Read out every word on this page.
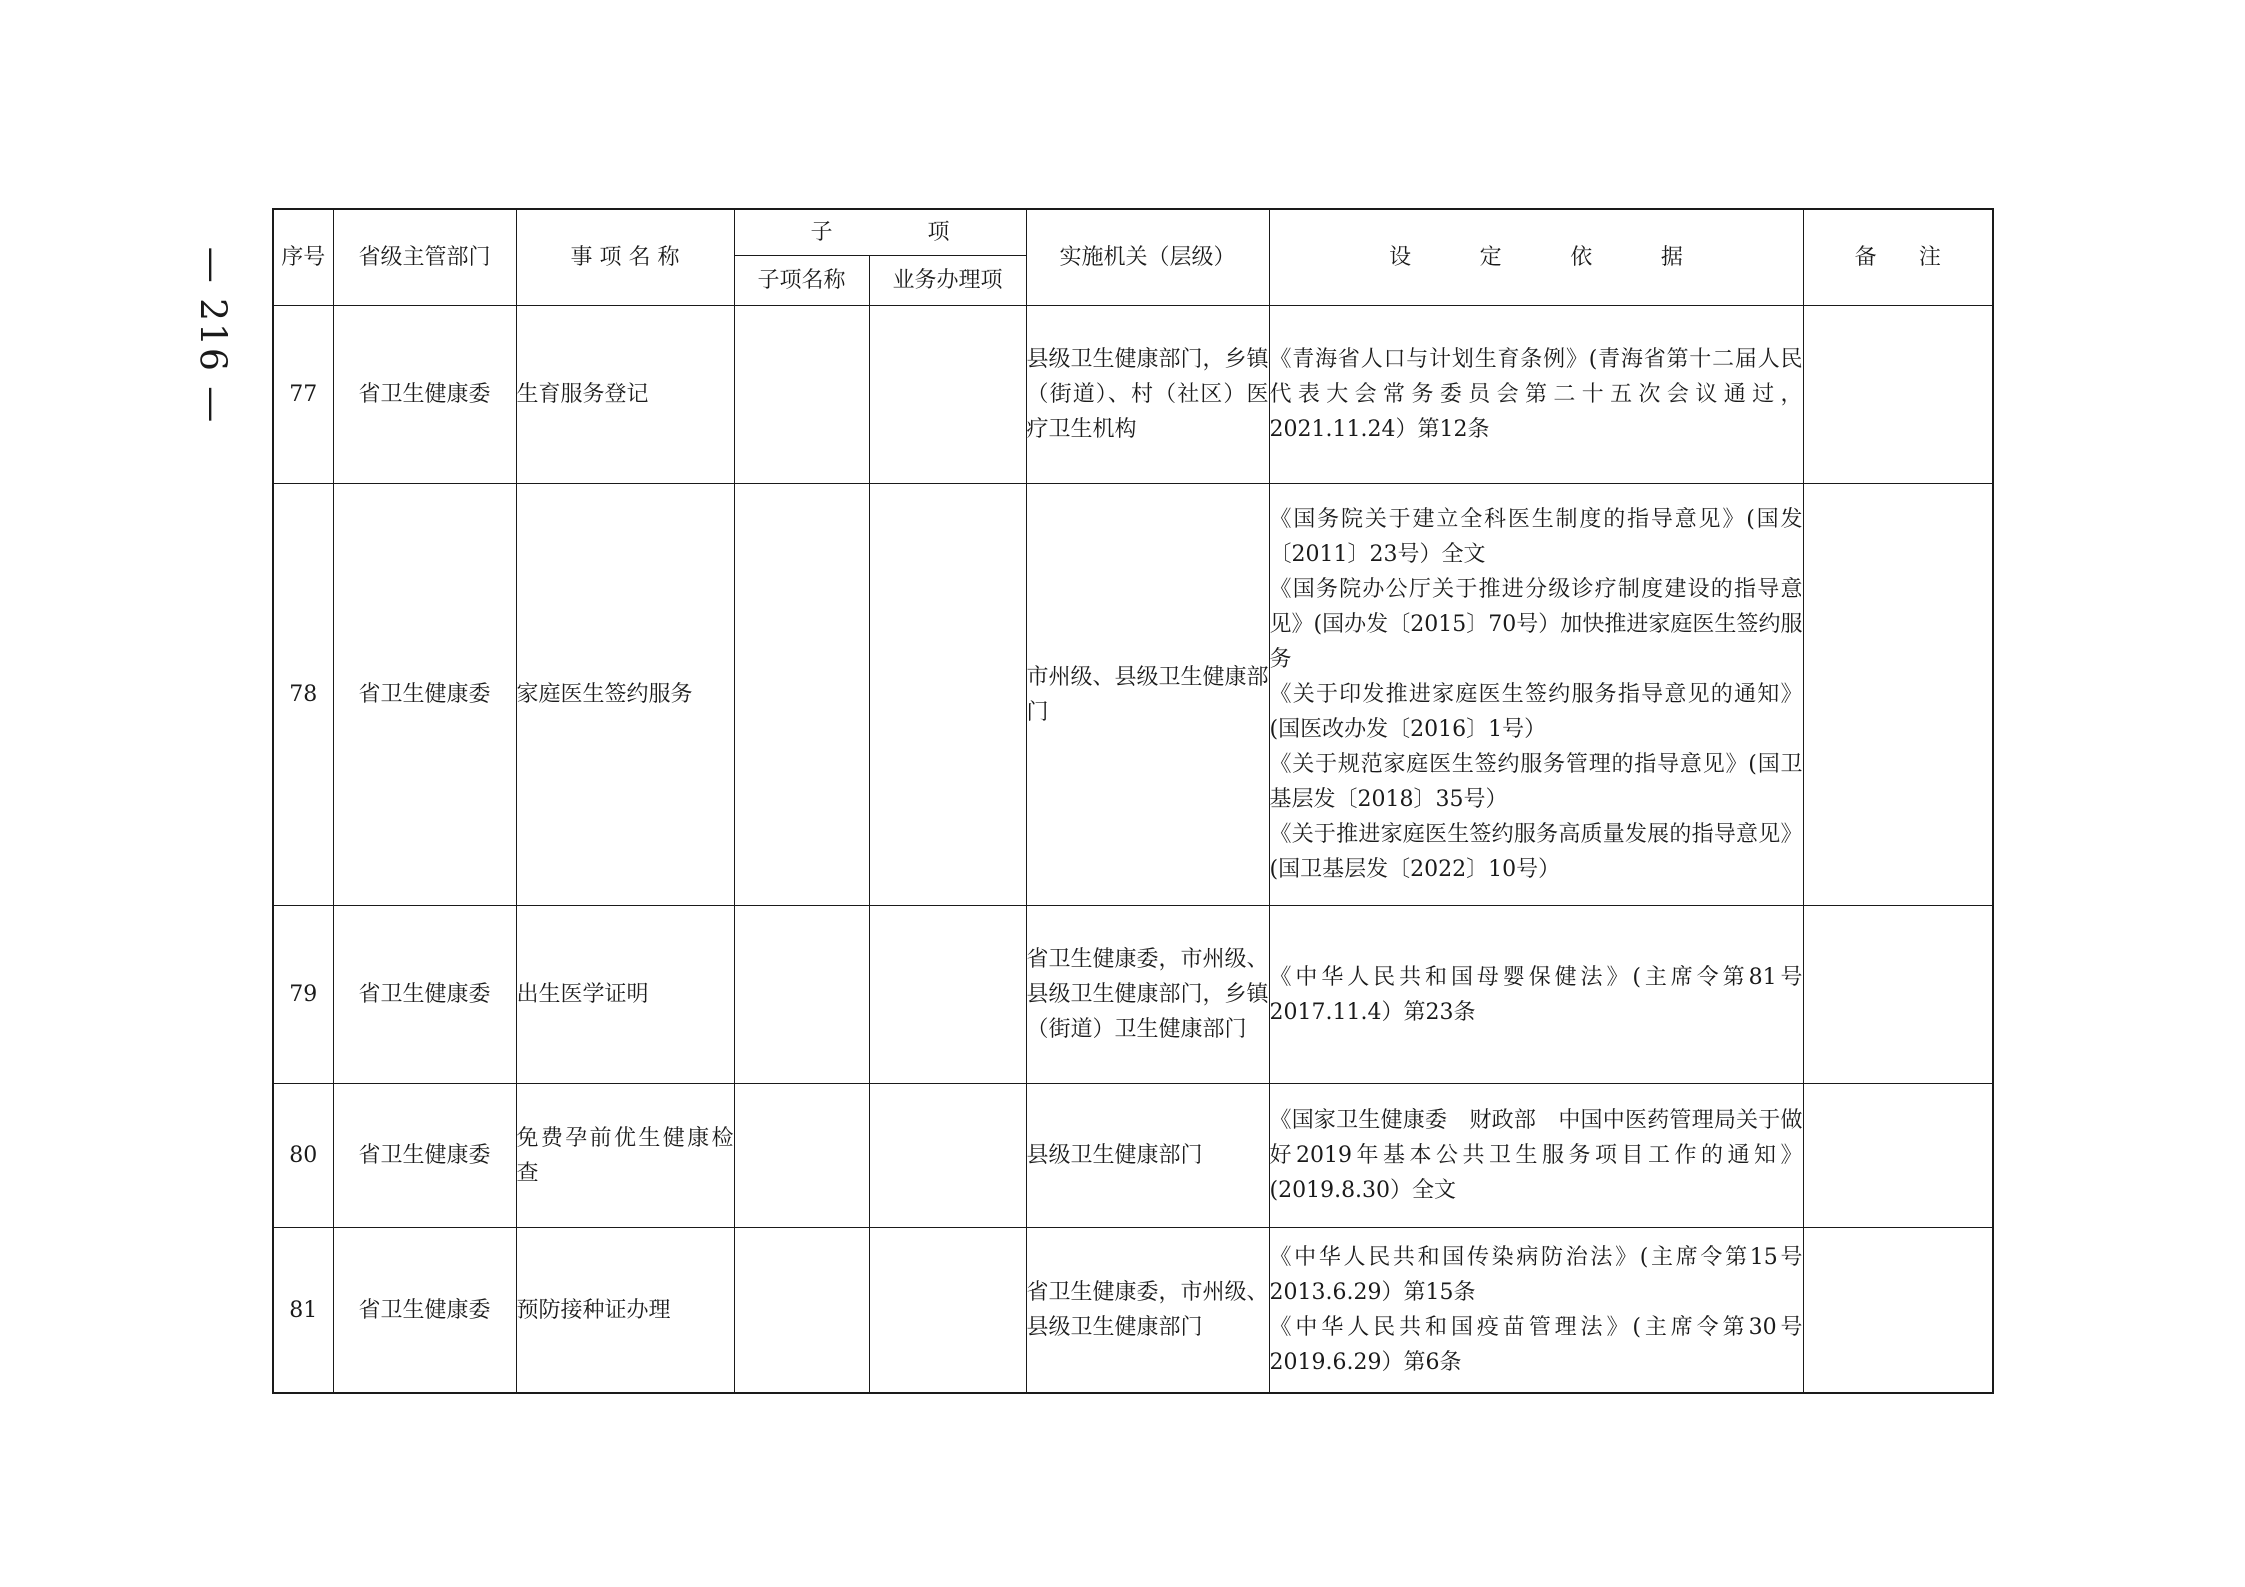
— 216 — 序号	省级主管部门	事 项 名 称	子 项		实施机关（层级）	设 定 依 据	备 注
			子项名称	业务办理项			
77	省卫生健康委	生育服务登记			县级卫生健康部门，乡镇（街道）、村（社区）医疗卫生机构	《青海省人口与计划生育条例》(青海省第十二届人民代表大会常务委员会第二十五次会议通过，2021.11.24）第12条	

78	省卫生健康委	家庭医生签约服务			市州级、县级卫生健康部门	《国务院关于建立全科医生制度的指导意见》(国发〔2011〕23号）全文
《国务院办公厅关于推进分级诊疗制度建设的指导意见》(国办发〔2015〕70号）加快推进家庭医生签约服务
《关于印发推进家庭医生签约服务指导意见的通知》(国医改办发〔2016〕1号）
《关于规范家庭医生签约服务管理的指导意见》(国卫基层发〔2018〕35号）
《关于推进家庭医生签约服务高质量发展的指导意见》(国卫基层发〔2022〕10号）	

79	省卫生健康委	出生医学证明			省卫生健康委，市州级、县级卫生健康部门，乡镇（街道）卫生健康部门	《中华人民共和国母婴保健法》(主席令第81号2017.11.4）第23条	

80	省卫生健康委	免费孕前优生健康检查			县级卫生健康部门	《国家卫生健康委　财政部　中国中医药管理局关于做好2019年基本公共卫生服务项目工作的通知》(2019.8.30）全文	

81	省卫生健康委	预防接种证办理			省卫生健康委，市州级、县级卫生健康部门	《中华人民共和国传染病防治法》(主席令第15号2013.6.29）第15条
《中华人民共和国疫苗管理法》(主席令第30号2019.6.29）第6条	
